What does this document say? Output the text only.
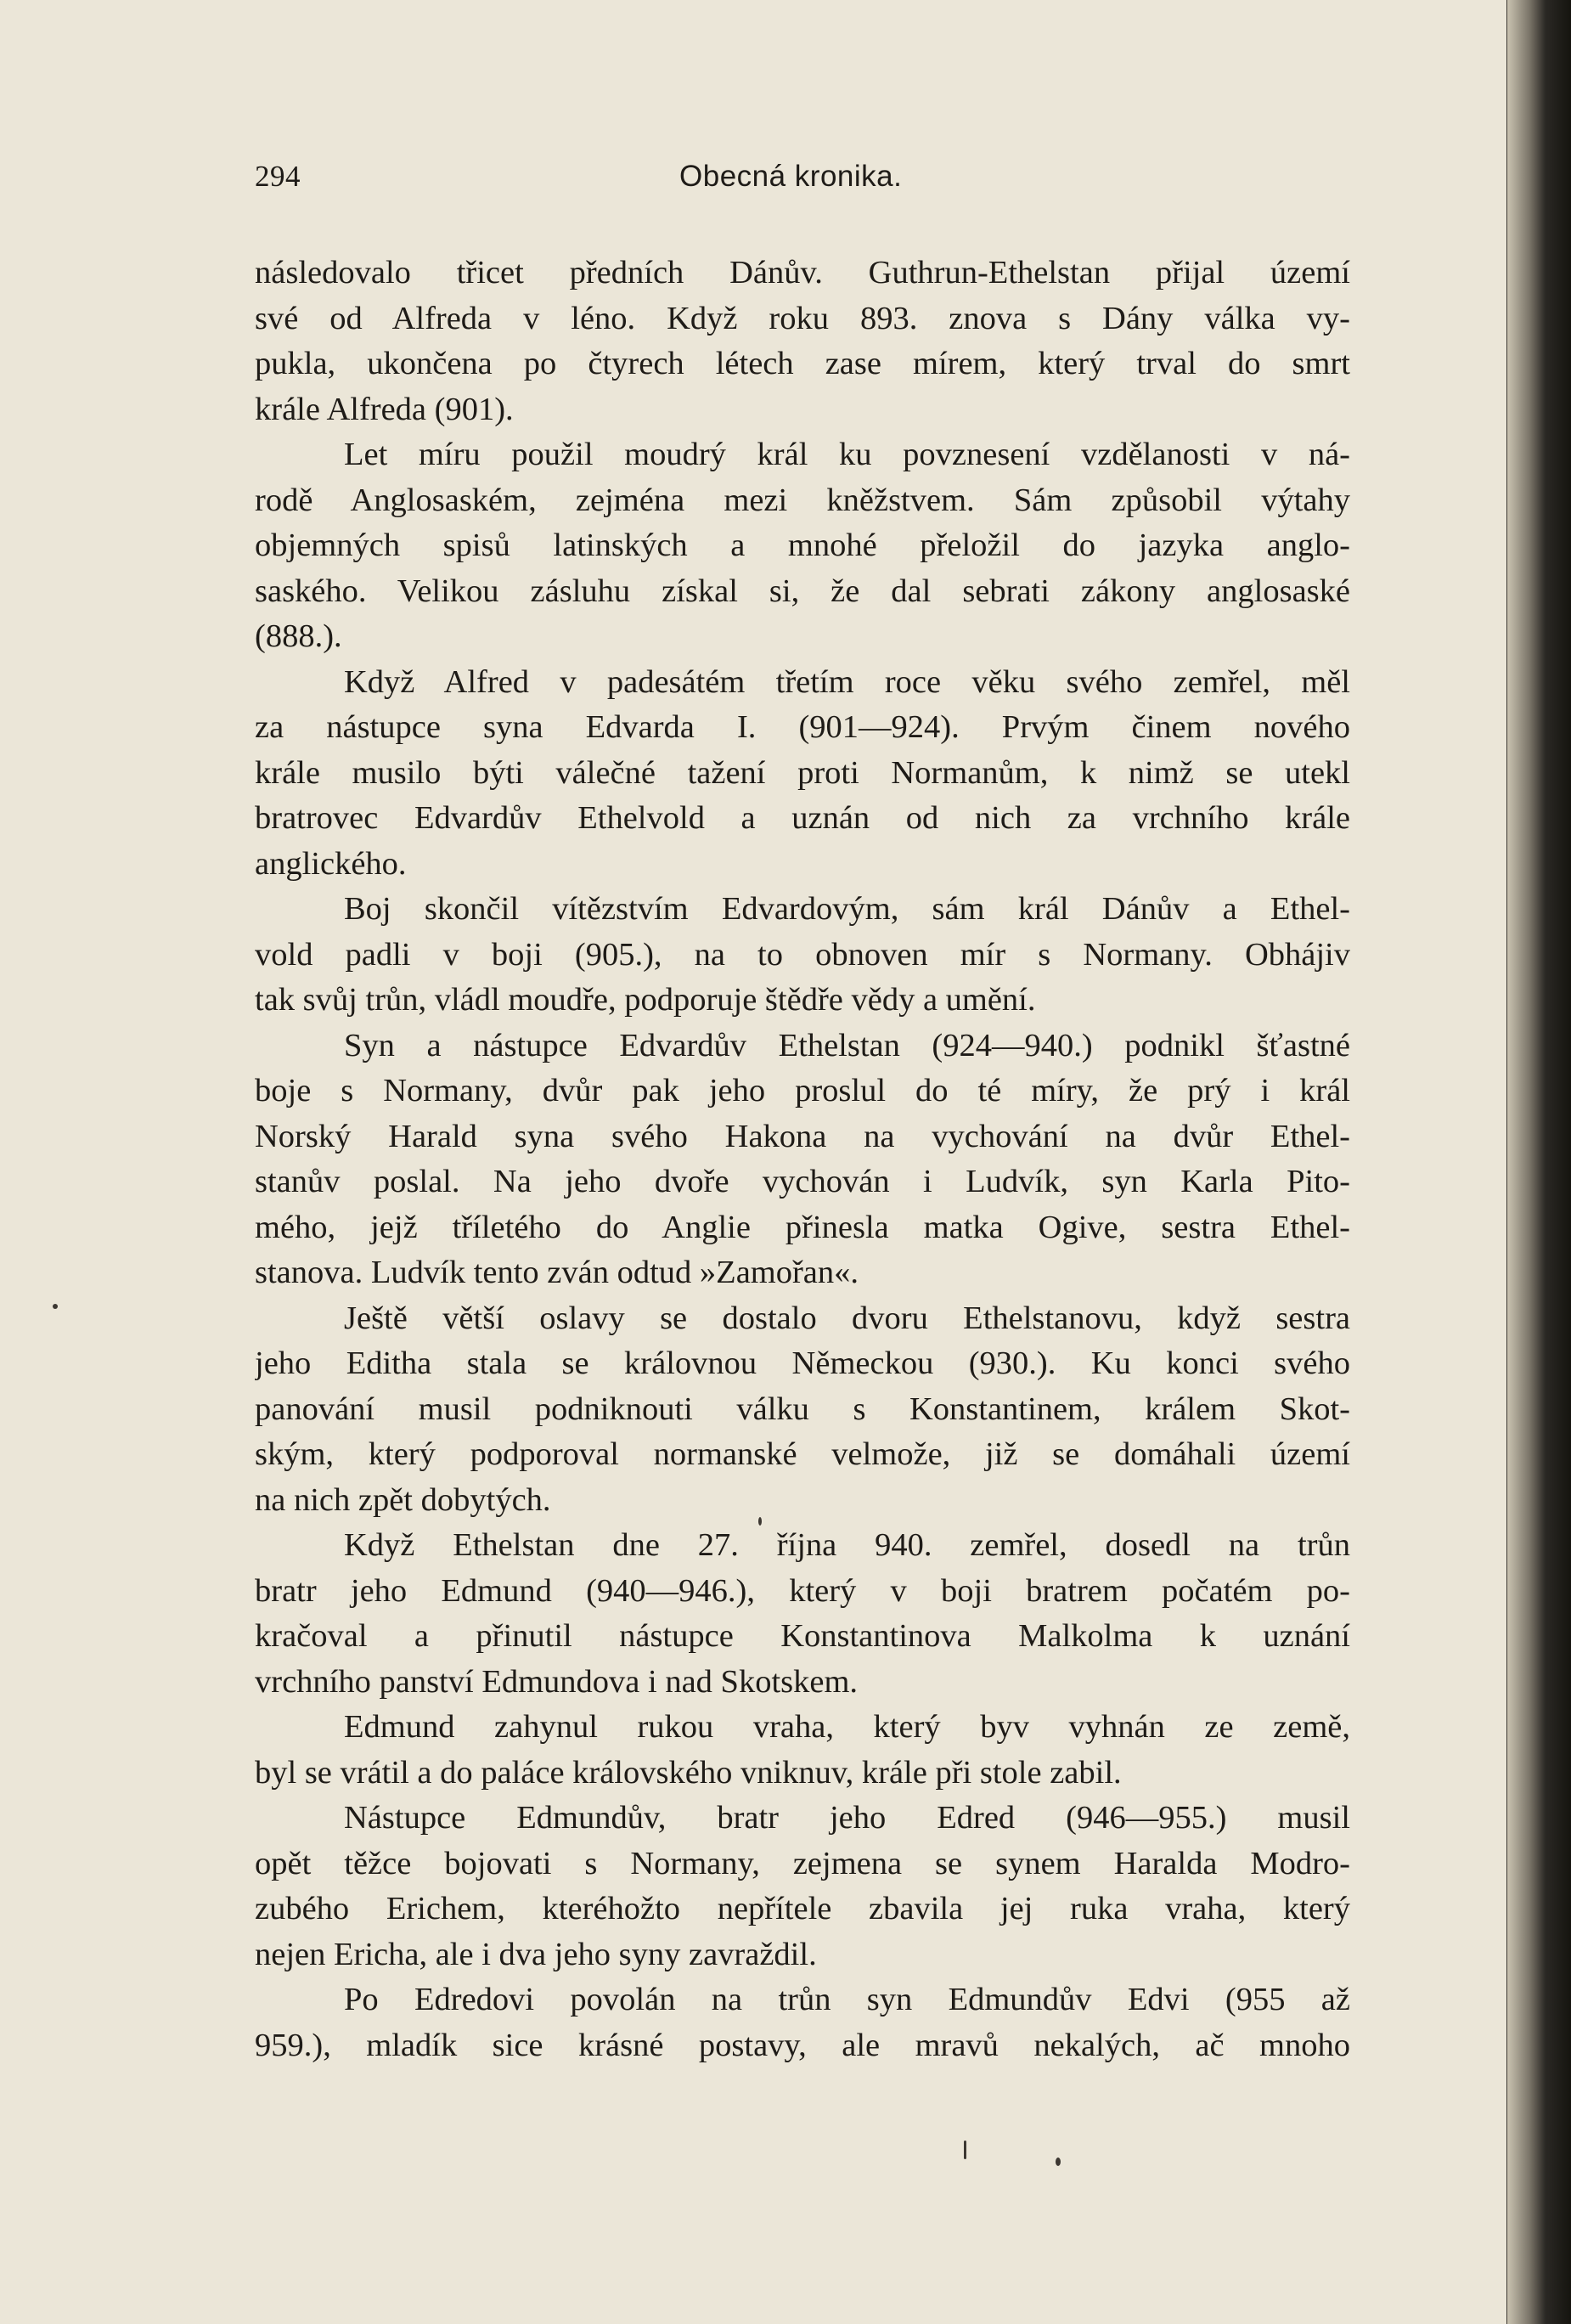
294	Obecná kronika.
následovalo třicet předních Dánův. Guthrun-Ethelstan přijal území
své od Alfreda v léno. Když roku 893. znova s Dány válka vy-
pukla, ukončena po čtyrech létech zase mírem, který trval do smrt
krále Alfreda (901).
Let míru použil moudrý král ku povznesení vzdělanosti v ná-
rodě Anglosaském, zejména mezi kněžstvem. Sám způsobil výtahy
objemných spisů latinských a mnohé přeložil do jazyka anglo-
saského. Velikou zásluhu získal si, že dal sebrati zákony anglosaské
(888.).
Když Alfred v padesátém třetím roce věku svého zemřel, měl
za nástupce syna Edvarda I. (901—924). Prvým činem nového
krále musilo býti válečné tažení proti Normanům, k nimž se utekl
bratrovec Edvardův Ethelvold a uznán od nich za vrchního krále
anglického.
Boj skončil vítězstvím Edvardovým, sám král Dánův a Ethel-
vold padli v boji (905.), na to obnoven mír s Normany. Obhájiv
tak svůj trůn, vládl moudře, podporuje štědře vědy a umění.
Syn a nástupce Edvardův Ethelstan (924—940.) podnikl šťastné
boje s Normany, dvůr pak jeho proslul do té míry, že prý i král
Norský Harald syna svého Hakona na vychování na dvůr Ethel-
stanův poslal. Na jeho dvoře vychován i Ludvík, syn Karla Pito-
mého, jejž tříletého do Anglie přinesla matka Ogive, sestra Ethel-
stanova. Ludvík tento zván odtud »Zamořan«.
Ještě větší oslavy se dostalo dvoru Ethelstanovu, když sestra
jeho Editha stala se královnou Německou (930.). Ku konci svého
panování musil podniknouti válku s Konstantinem, králem Skot-
ským, který podporoval normanské velmože, již se domáhali území
na nich zpět dobytých.
Když Ethelstan dne 27. října 940. zemřel, dosedl na trůn
bratr jeho Edmund (940—946.), který v boji bratrem počatém po-
kračoval a přinutil nástupce Konstantinova Malkolma k uznání
vrchního panství Edmundova i nad Skotskem.
Edmund zahynul rukou vraha, který byv vyhnán ze země,
byl se vrátil a do paláce královského vniknuv, krále při stole zabil.
Nástupce Edmundův, bratr jeho Edred (946—955.) musil
opět těžce bojovati s Normany, zejmena se synem Haralda Modro-
zubého Erichem, kteréhožto nepřítele zbavila jej ruka vraha, který
nejen Ericha, ale i dva jeho syny zavraždil.
Po Edredovi povolán na trůn syn Edmundův Edvi (955 až
959.), mladík sice krásné postavy, ale mravů nekalých, ač mnoho
